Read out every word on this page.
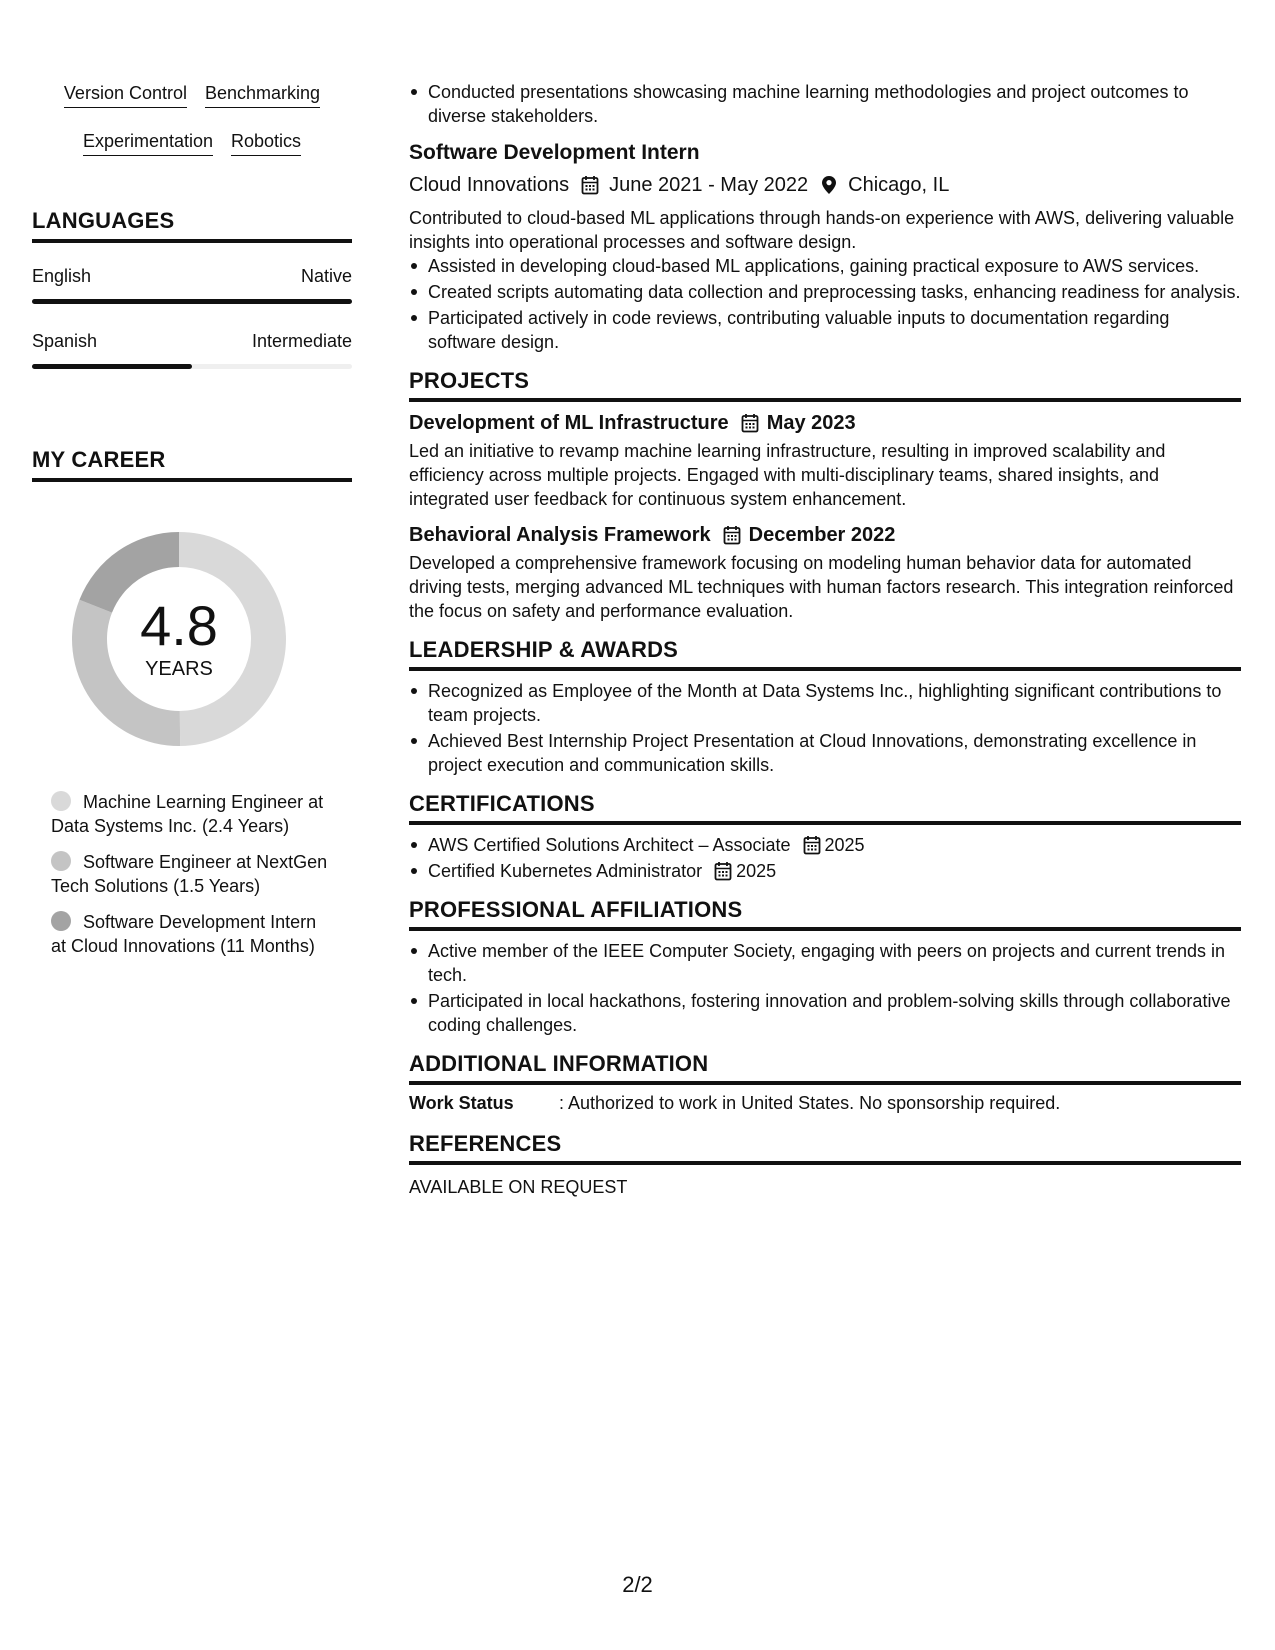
Version Control Benchmarking
Experimentation Robotics
LANGUAGES
English	Native
Spanish	Intermediate
MY CAREER
4.8
YEARS
Machine Learning Engineer at Data Systems Inc. (2.4 Years)
Software Engineer at NextGen Tech Solutions (1.5 Years)
Software Development Intern at Cloud Innovations (11 Months)
Conducted presentations showcasing machine learning methodologies and project outcomes to diverse stakeholders.
Software Development Intern
Cloud Innovations June 2021 - May 2022 Chicago, IL
Contributed to cloud-based ML applications through hands-on experience with AWS, delivering valuable insights into operational processes and software design.
Assisted in developing cloud-based ML applications, gaining practical exposure to AWS services.
Created scripts automating data collection and preprocessing tasks, enhancing readiness for analysis.
Participated actively in code reviews, contributing valuable inputs to documentation regarding software design.
PROJECTS
Development of ML Infrastructure May 2023
Led an initiative to revamp machine learning infrastructure, resulting in improved scalability and efficiency across multiple projects. Engaged with multi-disciplinary teams, shared insights, and integrated user feedback for continuous system enhancement.
Behavioral Analysis Framework December 2022
Developed a comprehensive framework focusing on modeling human behavior data for automated driving tests, merging advanced ML techniques with human factors research. This integration reinforced the focus on safety and performance evaluation.
LEADERSHIP & AWARDS
Recognized as Employee of the Month at Data Systems Inc., highlighting significant contributions to team projects.
Achieved Best Internship Project Presentation at Cloud Innovations, demonstrating excellence in project execution and communication skills.
CERTIFICATIONS
AWS Certified Solutions Architect – Associate 2025
Certified Kubernetes Administrator 2025
PROFESSIONAL AFFILIATIONS
Active member of the IEEE Computer Society, engaging with peers on projects and current trends in tech.
Participated in local hackathons, fostering innovation and problem-solving skills through collaborative coding challenges.
ADDITIONAL INFORMATION
Work Status	: Authorized to work in United States. No sponsorship required.
REFERENCES
AVAILABLE ON REQUEST
2/2
